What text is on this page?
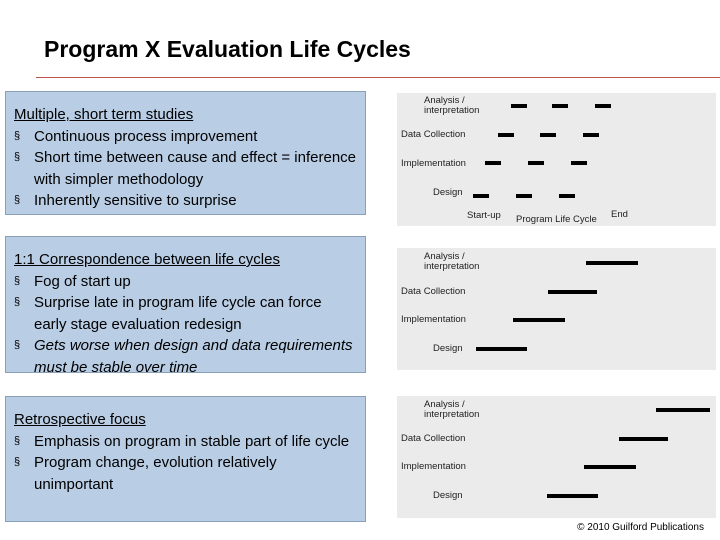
Program X Evaluation Life Cycles
Multiple, short term studies
§ Continuous process improvement
§ Short time between cause and effect = inference with simpler methodology
§ Inherently sensitive to surprise
1:1 Correspondence between life cycles
§ Fog of start up
§ Surprise late in program life cycle can force early stage evaluation redesign
§ Gets worse when design and data requirements must be stable over time
Retrospective focus
§ Emphasis on program in stable part of life cycle
§ Program change, evolution relatively unimportant
Analysis /
interpretation
Data Collection
Implementation
Design
Start-up Program Life Cycle End
Analysis /
interpretation
Data Collection
Implementation
Design
Analysis /
interpretation
Data Collection
Implementation
Design
© 2010 Guilford Publications
